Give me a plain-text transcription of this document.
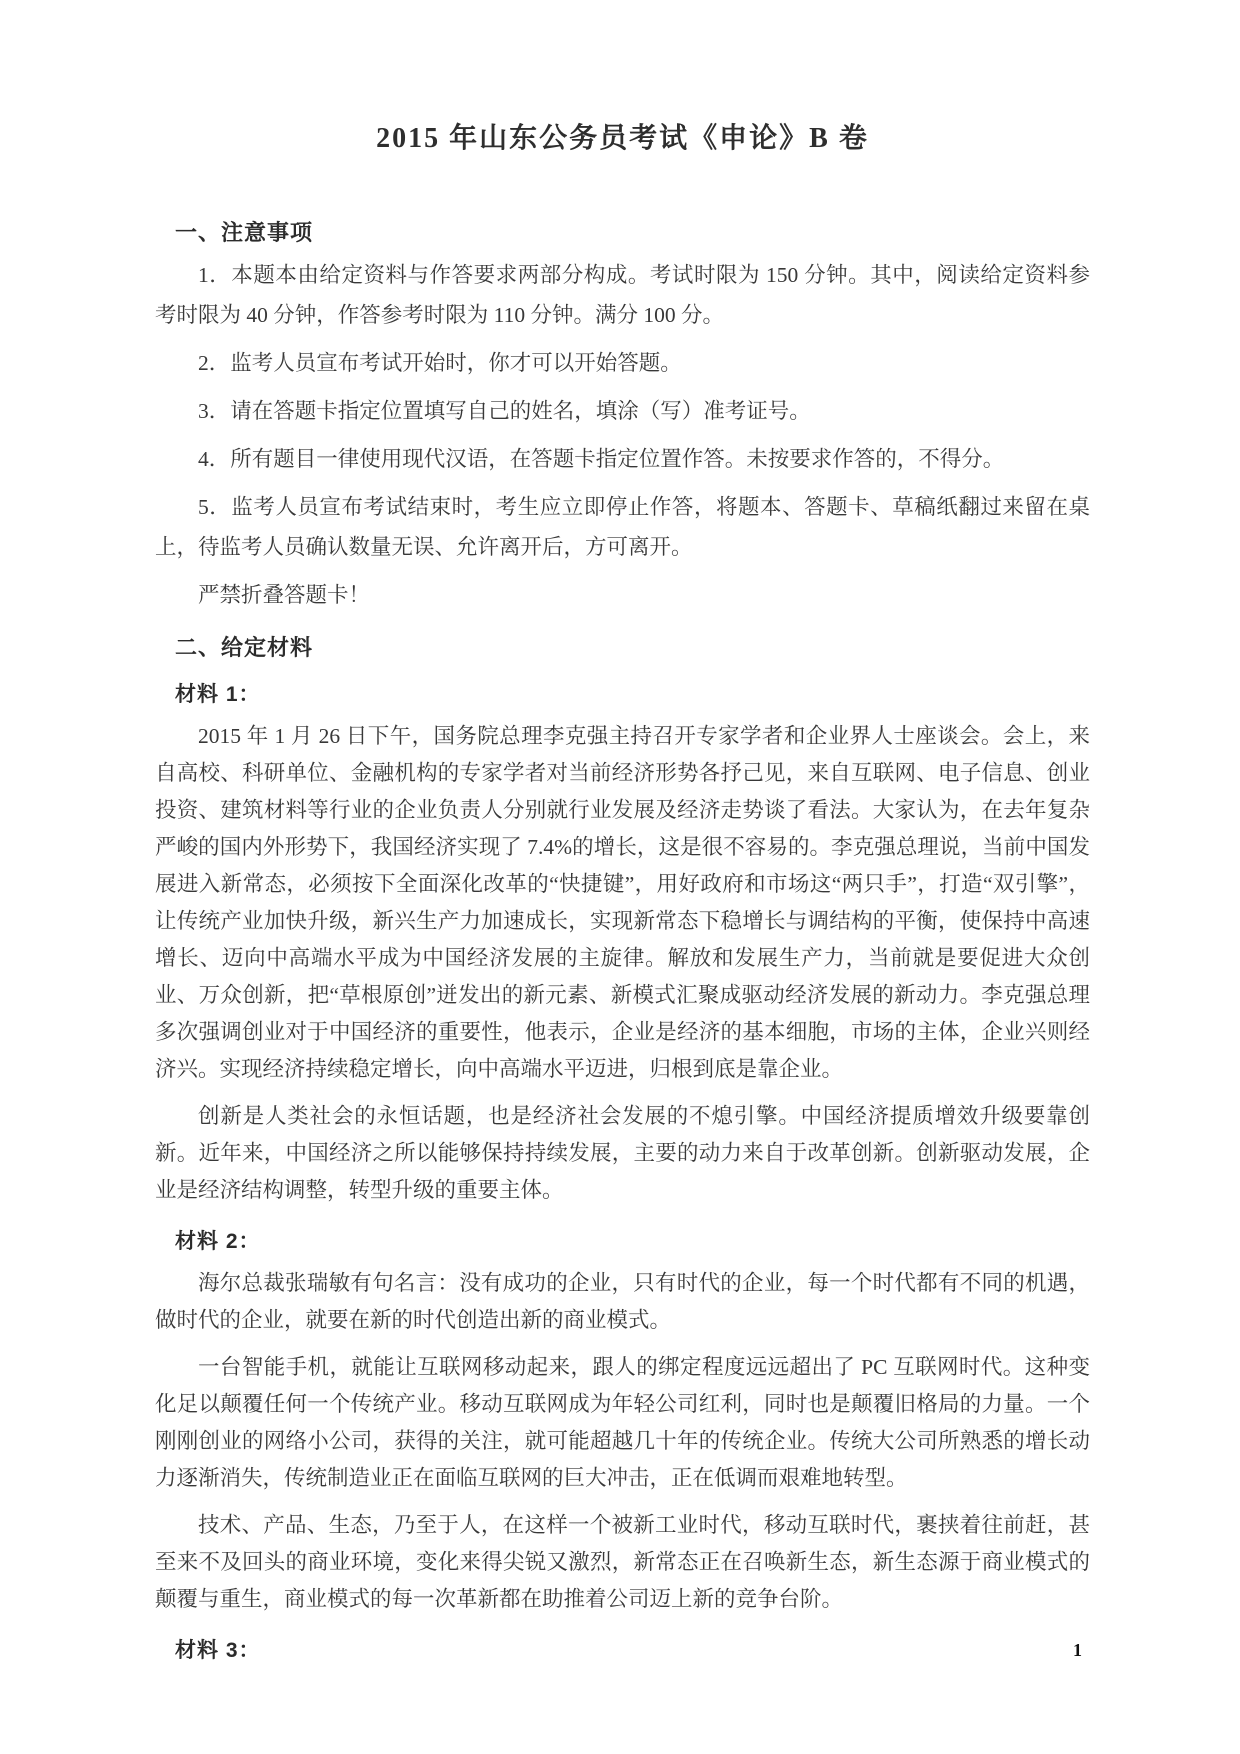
2015 年山东公务员考试《申论》B 卷
一、注意事项

1．本题本由给定资料与作答要求两部分构成。考试时限为 150 分钟。其中，阅读给定资料参考时限为 40 分钟，作答参考时限为 110 分钟。满分 100 分。

2．监考人员宣布考试开始时，你才可以开始答题。

3．请在答题卡指定位置填写自己的姓名，填涂（写）准考证号。

4．所有题目一律使用现代汉语，在答题卡指定位置作答。未按要求作答的，不得分。

5．监考人员宣布考试结束时，考生应立即停止作答，将题本、答题卡、草稿纸翻过来留在桌上，待监考人员确认数量无误、允许离开后，方可离开。

严禁折叠答题卡！

二、给定材料
材料 1：

2015 年 1 月 26 日下午，国务院总理李克强主持召开专家学者和企业界人士座谈会。会上，来自高校、科研单位、金融机构的专家学者对当前经济形势各抒己见，来自互联网、电子信息、创业投资、建筑材料等行业的企业负责人分别就行业发展及经济走势谈了看法。大家认为，在去年复杂严峻的国内外形势下，我国经济实现了 7.4%的增长，这是很不容易的。李克强总理说，当前中国发展进入新常态，必须按下全面深化改革的“快捷键”，用好政府和市场这“两只手”，打造“双引擎”，让传统产业加快升级，新兴生产力加速成长，实现新常态下稳增长与调结构的平衡，使保持中高速增长、迈向中高端水平成为中国经济发展的主旋律。解放和发展生产力，当前就是要促进大众创业、万众创新，把“草根原创”迸发出的新元素、新模式汇聚成驱动经济发展的新动力。李克强总理多次强调创业对于中国经济的重要性，他表示，企业是经济的基本细胞，市场的主体，企业兴则经济兴。实现经济持续稳定增长，向中高端水平迈进，归根到底是靠企业。

创新是人类社会的永恒话题，也是经济社会发展的不熄引擎。中国经济提质增效升级要靠创新。近年来，中国经济之所以能够保持持续发展，主要的动力来自于改革创新。创新驱动发展，企业是经济结构调整，转型升级的重要主体。

材料 2：

海尔总裁张瑞敏有句名言：没有成功的企业，只有时代的企业，每一个时代都有不同的机遇，做时代的企业，就要在新的时代创造出新的商业模式。

一台智能手机，就能让互联网移动起来，跟人的绑定程度远远超出了 PC 互联网时代。这种变化足以颠覆任何一个传统产业。移动互联网成为年轻公司红利，同时也是颠覆旧格局的力量。一个刚刚创业的网络小公司，获得的关注，就可能超越几十年的传统企业。传统大公司所熟悉的增长动力逐渐消失，传统制造业正在面临互联网的巨大冲击，正在低调而艰难地转型。

技术、产品、生态，乃至于人，在这样一个被新工业时代，移动互联时代，裹挟着往前赶，甚至来不及回头的商业环境，变化来得尖锐又激烈，新常态正在召唤新生态，新生态源于商业模式的颠覆与重生，商业模式的每一次革新都在助推着公司迈上新的竞争台阶。

材料 3：	1
